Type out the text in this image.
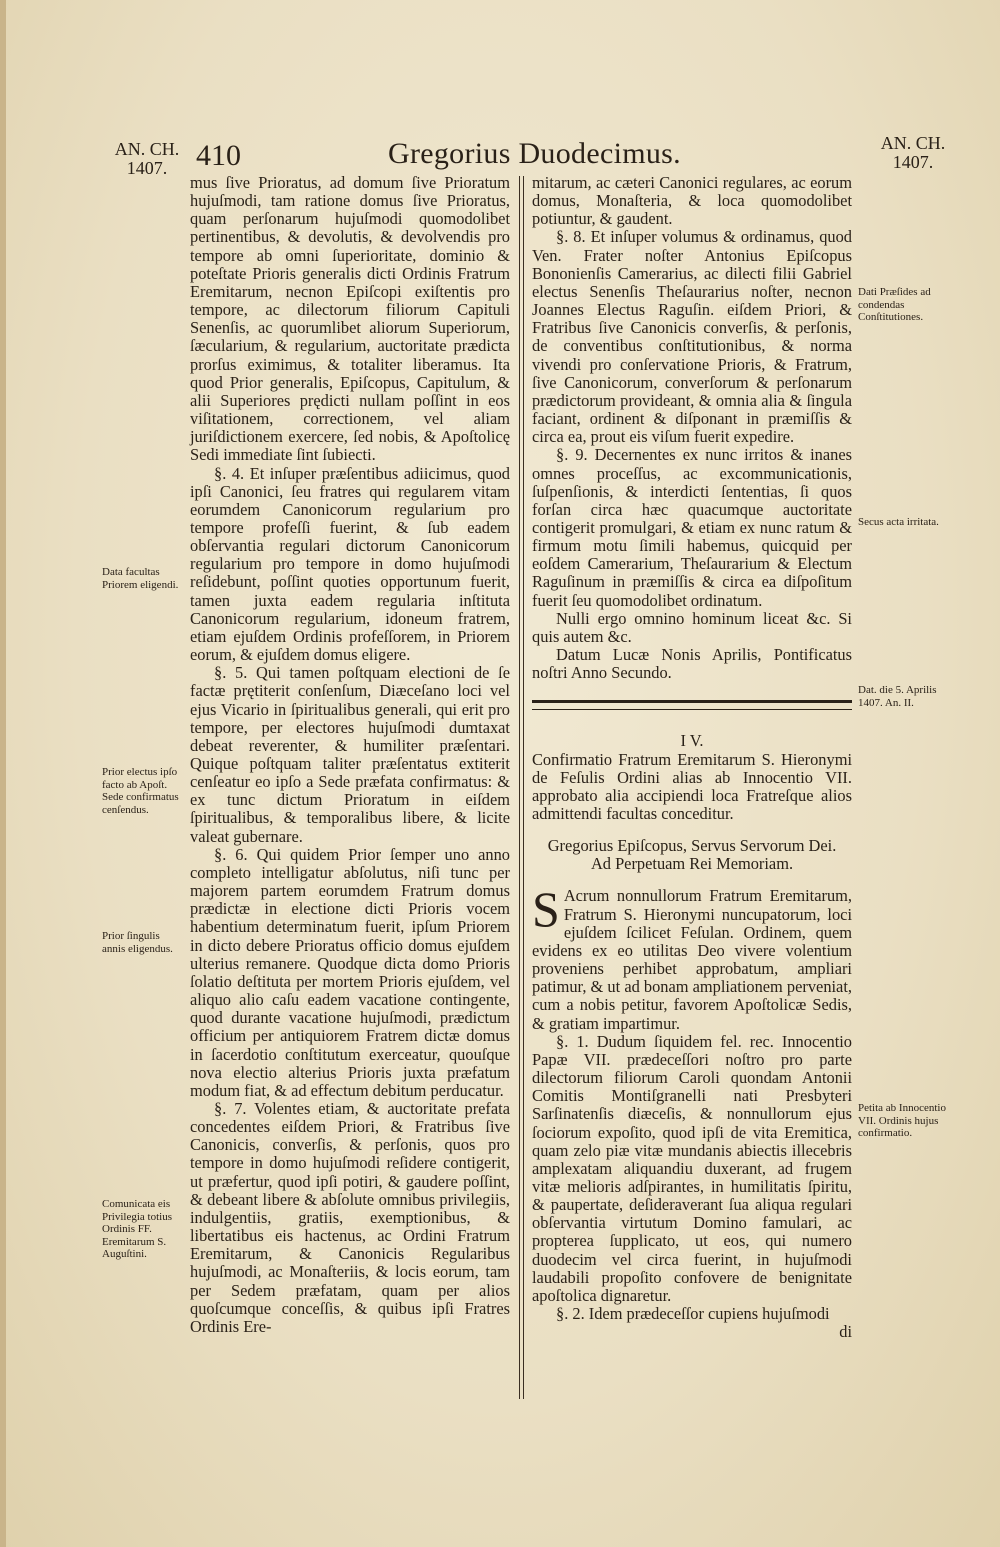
AN. CH.
1407. 410	Gregorius Duodecimus.	AN. CH.
1407.

mus ſive Prioratus, ad domum ſive Prioratum hujuſmodi, tam ratione domus ſive Prioratus, quam perſonarum hujuſmodi quomodolibet pertinentibus, & devolutis, & devolvendis pro tempore ab omni ſuperioritate, dominio & poteſtate Prioris generalis dicti Ordinis Fratrum Eremitarum, necnon Epiſcopi exiſtentis pro tempore, ac dilectorum filiorum Capituli Senenſis, ac quorumlibet aliorum Superiorum, ſæcularium, & regularium, auctoritate prædicta prorſus eximimus, & totaliter liberamus. Ita quod Prior generalis, Epiſcopus, Capitulum, & alii Superiores prędicti nullam poſſint in eos viſitationem, correctionem, vel aliam juriſdictionem exercere, ſed nobis, & Apoſtolicę Sedi immediate ſint ſubiecti.

§. 4. Et inſuper præſentibus adiicimus, quod ipſi Canonici, ſeu fratres qui regularem vitam eorumdem Canonicorum regularium pro tempore profeſſi fuerint, & ſub eadem obſervantia regulari dictorum Canonicorum regularium pro tempore in domo hujuſmodi reſidebunt, poſſint quoties opportunum fuerit, tamen juxta eadem regularia inſtituta Canonicorum regularium, idoneum fratrem, etiam ejuſdem Ordinis profeſſorem, in Priorem eorum, & ejuſdem domus eligere.

§. 5. Qui tamen poſtquam electioni de ſe factæ prętiterit conſenſum, Diæceſano loci vel ejus Vicario in ſpiritualibus generali, qui erit pro tempore, per electores hujuſmodi dumtaxat debeat reverenter, & humiliter præſentari. Quique poſtquam taliter præſentatus extiterit cenſeatur eo ipſo a Sede præfata confirmatus: & ex tunc dictum Prioratum in eiſdem ſpiritualibus, & temporalibus libere, & licite valeat gubernare.

§. 6. Qui quidem Prior ſemper uno anno completo intelligatur abſolutus, niſi tunc per majorem partem eorumdem Fratrum domus prædictæ in electione dicti Prioris vocem habentium determinatum fuerit, ipſum Priorem in dicto debere Prioratus officio domus ejuſdem ulterius remanere. Quodque dicta domo Prioris ſolatio deſtituta per mortem Prioris ejuſdem, vel aliquo alio caſu eadem vacatione contingente, quod durante vacatione hujuſmodi, prædictum officium per antiquiorem Fratrem dictæ domus in ſacerdotio conſtitutum exerceatur, quouſque nova electio alterius Prioris juxta præfatum modum fiat, & ad effectum debitum perducatur.

§. 7. Volentes etiam, & auctoritate prefata concedentes eiſdem Priori, & Fratribus ſive Canonicis, converſis, & perſonis, quos pro tempore in domo hujuſmodi reſidere contigerit, ut præfertur, quod ipſi potiri, & gaudere poſſint, & debeant libere & abſolute omnibus privilegiis, indulgentiis, gratiis, exemptionibus, & libertatibus eis hactenus, ac Ordini Fratrum Eremitarum, & Canonicis Regularibus hujuſmodi, ac Monaſteriis, & locis eorum, tam per Sedem præfatam, quam per alios quoſcumque conceſſis, & quibus ipſi Fratres Ordinis Ere-

mitarum, ac cæteri Canonici regulares, ac eorum domus, Monaſteria, & loca quomodolibet potiuntur, & gaudent.

§. 8. Et inſuper volumus & ordinamus, quod Ven. Frater noſter Antonius Epiſcopus Bononienſis Camerarius, ac dilecti filii Gabriel electus Senenſis Theſaurarius noſter, necnon Joannes Electus Raguſin. eiſdem Priori, & Fratribus ſive Canonicis converſis, & perſonis, de conventibus conſtitutionibus, & norma vivendi pro conſervatione Prioris, & Fratrum, ſive Canonicorum, converſorum & perſonarum prædictorum provideant, & omnia alia & ſingula faciant, ordinent & diſponant in præmiſſis & circa ea, prout eis viſum fuerit expedire.

§. 9. Decernentes ex nunc irritos & inanes omnes proceſſus, ac excommunicationis, ſuſpenſionis, & interdicti ſententias, ſi quos forſan circa hæc quacumque auctoritate contigerit promulgari, & etiam ex nunc ratum & firmum motu ſimili habemus, quicquid per eoſdem Camerarium, Theſaurarium & Electum Raguſinum in præmiſſis & circa ea diſpoſitum fuerit ſeu quomodolibet ordinatum.

Nulli ergo omnino hominum liceat &c. Si quis autem &c.

Datum Lucæ Nonis Aprilis, Pontificatus noſtri Anno Secundo.

I V.

Confirmatio Fratrum Eremitarum S. Hieronymi de Feſulis Ordini alias ab Innocentio VII. approbato alia accipiendi loca Fratreſque alios admittendi facultas conceditur.

Gregorius Epiſcopus, Servus Servorum Dei.
Ad Perpetuam Rei Memoriam.

S Acrum nonnullorum Fratrum Eremitarum, Fratrum S. Hieronymi nuncupatorum, loci ejuſdem ſcilicet Feſulan. Ordinem, quem evidens ex eo utilitas Deo vivere volentium proveniens perhibet approbatum, ampliari patimur, & ut ad bonam ampliationem perveniat, cum a nobis petitur, favorem Apoſtolicæ Sedis, & gratiam impartimur.

§. 1. Dudum ſiquidem fel. rec. Innocentio Papæ VII. prædeceſſori noſtro pro parte dilectorum filiorum Caroli quondam Antonii Comitis Montiſgranelli nati Presbyteri Sarſinatenſis diæceſis, & nonnullorum ejus ſociorum expoſito, quod ipſi de vita Eremitica, quam zelo piæ vitæ mundanis abiectis illecebris amplexatam aliquandiu duxerant, ad frugem vitæ melioris adſpirantes, in humilitatis ſpiritu, & paupertate, deſideraverant ſua aliqua regulari obſervantia virtutum Domino famulari, ac propterea ſupplicato, ut eos, qui numero duodecim vel circa fuerint, in hujuſmodi laudabili propoſito confovere de benignitate apoſtolica dignaretur.

§. 2. Idem prædeceſſor cupiens hujuſmodi

di

Data facultas Priorem eligendi.
Prior electus ipſo facto ab Apoſt. Sede confirmatus cenſendus.
Prior ſingulis annis eligendus.
Comunicata eis Privilegia totius Ordinis FF. Eremitarum S. Auguſtini.
Dati Præſides ad condendas Conſtitutiones.
Secus acta irritata.
Dat. die 5. Aprilis 1407. An. II.
Petita ab Innocentio VII. Ordinis hujus confirmatio.
